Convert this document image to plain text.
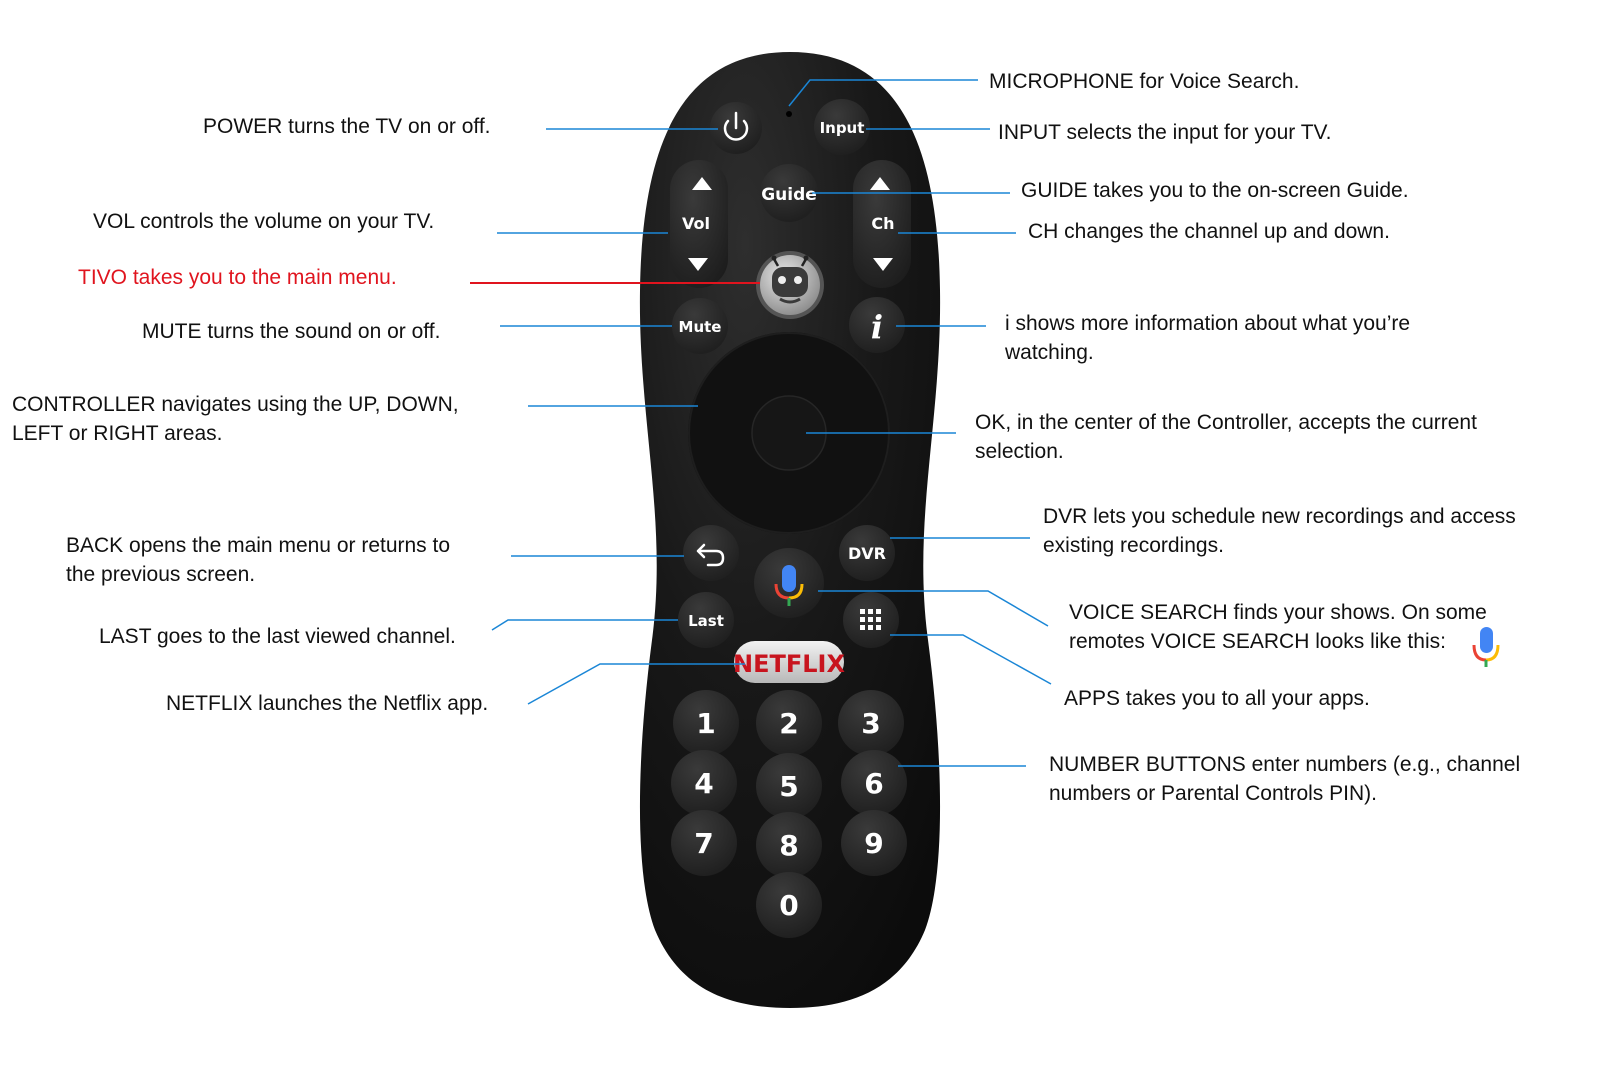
Input
Vol	Ch
Guide
Mute	i
DVR
Last
NETFLIX
1 2 3
4 5 6
7 8 9
0
MICROPHONE for Voice Search.
POWER turns the TV on or off.	INPUT selects the input for your TV.
GUIDE takes you to the on-screen Guide.
VOL controls the volume on your TV.	CH changes the channel up and down.
TIVO takes you to the main menu.
MUTE turns the sound on or off.	i shows more information about what you’re
watching.
CONTROLLER navigates using the UP, DOWN,
LEFT or RIGHT areas.	OK, in the center of the Controller, accepts the current
selection.
DVR lets you schedule new recordings and access
existing recordings.
BACK opens the main menu or returns to
the previous screen.
VOICE SEARCH finds your shows. On some
remotes VOICE SEARCH looks like this:
LAST goes to the last viewed channel.
APPS takes you to all your apps.
NETFLIX launches the Netflix app.
NUMBER BUTTONS enter numbers (e.g., channel
numbers or Parental Controls PIN).
